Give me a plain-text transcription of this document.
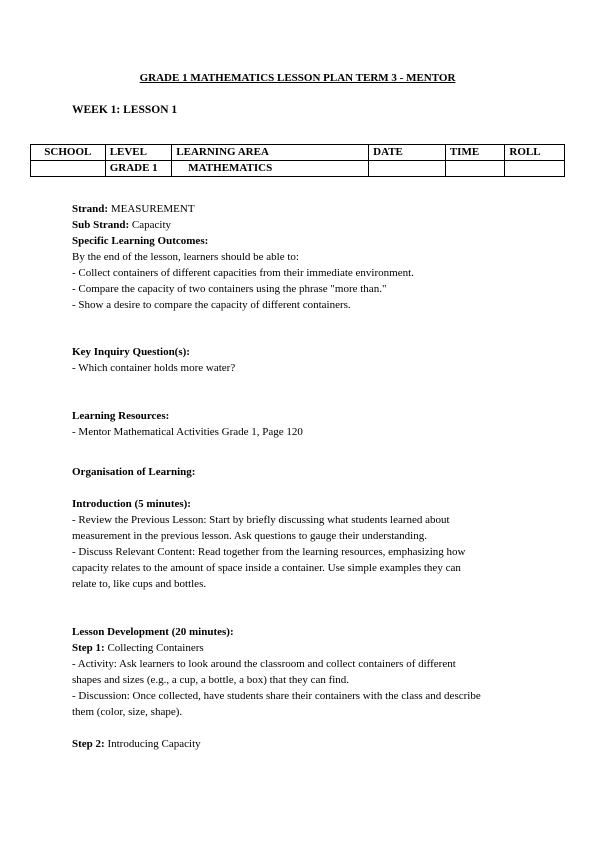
GRADE 1 MATHEMATICS LESSON PLAN TERM 3 - MENTOR
WEEK 1: LESSON 1
SCHOOL	LEVEL	LEARNING AREA	DATE	TIME	ROLL
	GRADE 1	MATHEMATICS			

Strand: MEASUREMENT

Sub Strand: Capacity

Specific Learning Outcomes:

By the end of the lesson, learners should be able to:

- Collect containers of different capacities from their immediate environment.

- Compare the capacity of two containers using the phrase "more than."

- Show a desire to compare the capacity of different containers.

Key Inquiry Question(s):

- Which container holds more water?

Learning Resources:

- Mentor Mathematical Activities Grade 1, Page 120

Organisation of Learning:

Introduction (5 minutes):

- Review the Previous Lesson: Start by briefly discussing what students learned about

measurement in the previous lesson. Ask questions to gauge their understanding.

- Discuss Relevant Content: Read together from the learning resources, emphasizing how

capacity relates to the amount of space inside a container. Use simple examples they can

relate to, like cups and bottles.

Lesson Development (20 minutes):

Step 1: Collecting Containers

- Activity: Ask learners to look around the classroom and collect containers of different

shapes and sizes (e.g., a cup, a bottle, a box) that they can find.

- Discussion: Once collected, have students share their containers with the class and describe

them (color, size, shape).

Step 2: Introducing Capacity
